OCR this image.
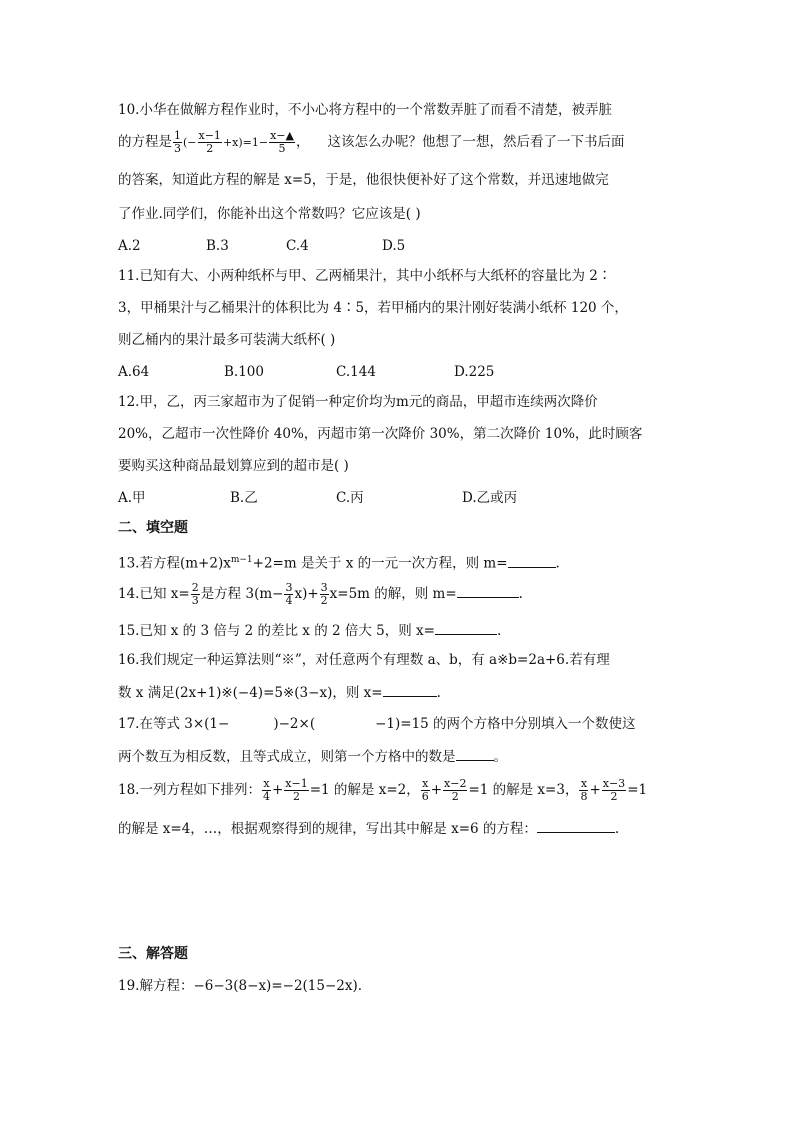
10.小华在做解方程作业时，不小心将方程中的一个常数弄脏了而看不清楚，被弄脏
的方程是 $\frac{1}{3}$ (− $\frac{x-1}{2} +x)=1- \frac{x-▲}{5}$ ， 这该怎么办呢？他想了一想，然后看了一下书后面
的答案，知道此方程的解是 x=5，于是，他很快便补好了这个常数，并迅速地做完
了作业.同学们，你能补出这个常数吗？它应该是( )
A.2	B.3	C.4	D.5
11.已知有大、小两种纸杯与甲、乙两桶果汁，其中小纸杯与大纸杯的容量比为 2∶
3，甲桶果汁与乙桶果汁的体积比为 4∶5，若甲桶内的果汁刚好装满小纸杯 120 个，
则乙桶内的果汁最多可装满大纸杯( )
A.64	B.100	C.144	D.225
12.甲，乙，丙三家超市为了促销一种定价均为m元的商品，甲超市连续两次降价
20%，乙超市一次性降价 40%，丙超市第一次降价 30%，第二次降价 10%，此时顾客
要购买这种商品最划算应到的超市是( )
A.甲	B.乙	C.丙	D.乙或丙
二、填空题
13.若方程$(m+2)x^{m-1}+2=m$ 是关于 x 的一元一次方程，则 m=	.
14.已知 $x= \frac{2}{3}$ 是方程 $3(m- \frac{3}{4} x)+ \frac{3}{2} x=5m$ 的解，则 m=	.
15.已知 x 的 3 倍与 2 的差比 x 的 2 倍大 5，则 x=	.
16.我们规定一种运算法则“※”，对任意两个有理数 a、b，有 a※b=2a+6.若有理
数 x 满足(2x+1)※(−4)=5※(3−x)，则 x=	.
17.在等式 3×(1−	)−2×(	−1)=15 的两个方格中分别填入一个数使这
两个数互为相反数，且等式成立，则第一个方格中的数是	。
18.一列方程如下排列： $\frac{x}{4} + \frac{x-1}{2} =1$ 的解是 x=2， $\frac{x}{6} + \frac{x-2}{2} =1$ 的解是 x=3， $\frac{x}{8} + \frac{x-3}{2} =1$
的解是 x=4，…，根据观察得到的规律，写出其中解是 x=6 的方程：	.
三、解答题
19.解方程：−6−3(8−x)=−2(15−2x).
